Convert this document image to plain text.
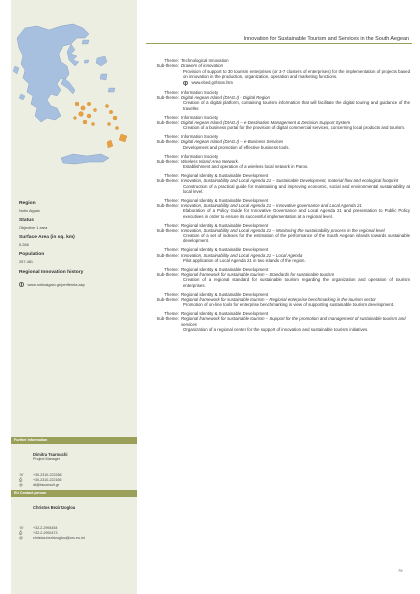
Region
Notio Aigaio
Status
Objective 1 area
Surface Area (in sq. km)
5.286
Population
257.481
Regional Innovation history
www.notioaigaio.gr/perifereia.asp
Further information
Dimitra Tsarouchi
Project Manager
☏	+30-2310-222268
⎙	+30-2310-222165
@	dt@bsconsult.gr
EU Contact person
Christos Bezirtzoglou
☏	+32-2-2994454
⎙	+32-2-2992473
@	christos.bezirtzoglou@cec.eu.int
Innovation for Sustainable Tourism and Services in the South Aegean
Theme: Technological Innovation
Sub-theme: Drawers of innovation
Provision of support to 30 tourism enterprises (or 3-7 clusters of enterprises) for the implementation of projects based on innovation in the production, organization, operation and marketing functions.
www.ebed.gr/tstos.htm
Theme: Information Society
Sub-theme: Digital Aegean Island (DIAG.I) - Digital Region
Creation of a digital platform, containing tourism information that will facilitate the digital touring and guidance of the traveller.
Theme: Information Society
Sub-theme: Digital Aegean Island (DIAG.I) – e-Destination Management & Decision Support System
Creation of a business portal for the provision of digital commercial services, concerning local products and tourism.
Theme: Information Society
Sub-theme: Digital Aegean Island (DIAG.I) – e-Business Services
Development and promotion of effective business tools.
Theme: Information Society
Sub-theme: Wireless Island Area Network.
Establishment and operation of a wireless local network in Paros.
Theme: Regional Identity & Sustainable Development
Sub-theme: Innovation, Sustainability and Local Agenda 21 – Sustainable Development, material flow and ecological footprint
Construction of a practical guide for maintaining and improving economic, social and environmental sustainability at local level.
Theme: Regional Identity & Sustainable Development
Sub-theme: Innovation, Sustainability and Local Agenda 21 – Innovative governance and Local Agenda 21
Elaboration of a Policy Guide for Innovative Governance and Local Agenda 21 and presentation to Public Policy executives in order to ensure its successful implementation at a regional level.
Theme: Regional Identity & Sustainable Development
Sub-theme: Innovation, Sustainability and Local Agenda 21 – Monitoring the sustainability process in the regional level
Creation of a set of indexes for the estimation of the performance of the South Aegean islands towards sustainable development.
Theme: Regional Identity & Sustainable Development
Sub-theme: Innovation, Sustainability and Local Agenda 21 – Local Agenda
Pilot application of Local Agenda 21 in two islands of the region.
Theme: Regional Identity & Sustainable Development
Sub-theme: Regional framework for sustainable tourism – Standards for sustainable tourism
Creation of a regional standard for sustainable tourism regarding the organization and operation of tourism enterprises.
Theme: Regional Identity & Sustainable Development
Sub-theme: Regional framework for sustainable tourism – Regional enterprise benchmarking in the tourism sector
Promotion of on-line tools for enterprise benchmarking in view of supporting sustainable tourism development.
Theme: Regional Identity & Sustainable Development
Sub-theme: Regional framework for sustainable tourism – Support for the promotion and management of sustainable tourism and services
Organization of a regional center for the support of innovation and sustainable tourism initiatives.
79
